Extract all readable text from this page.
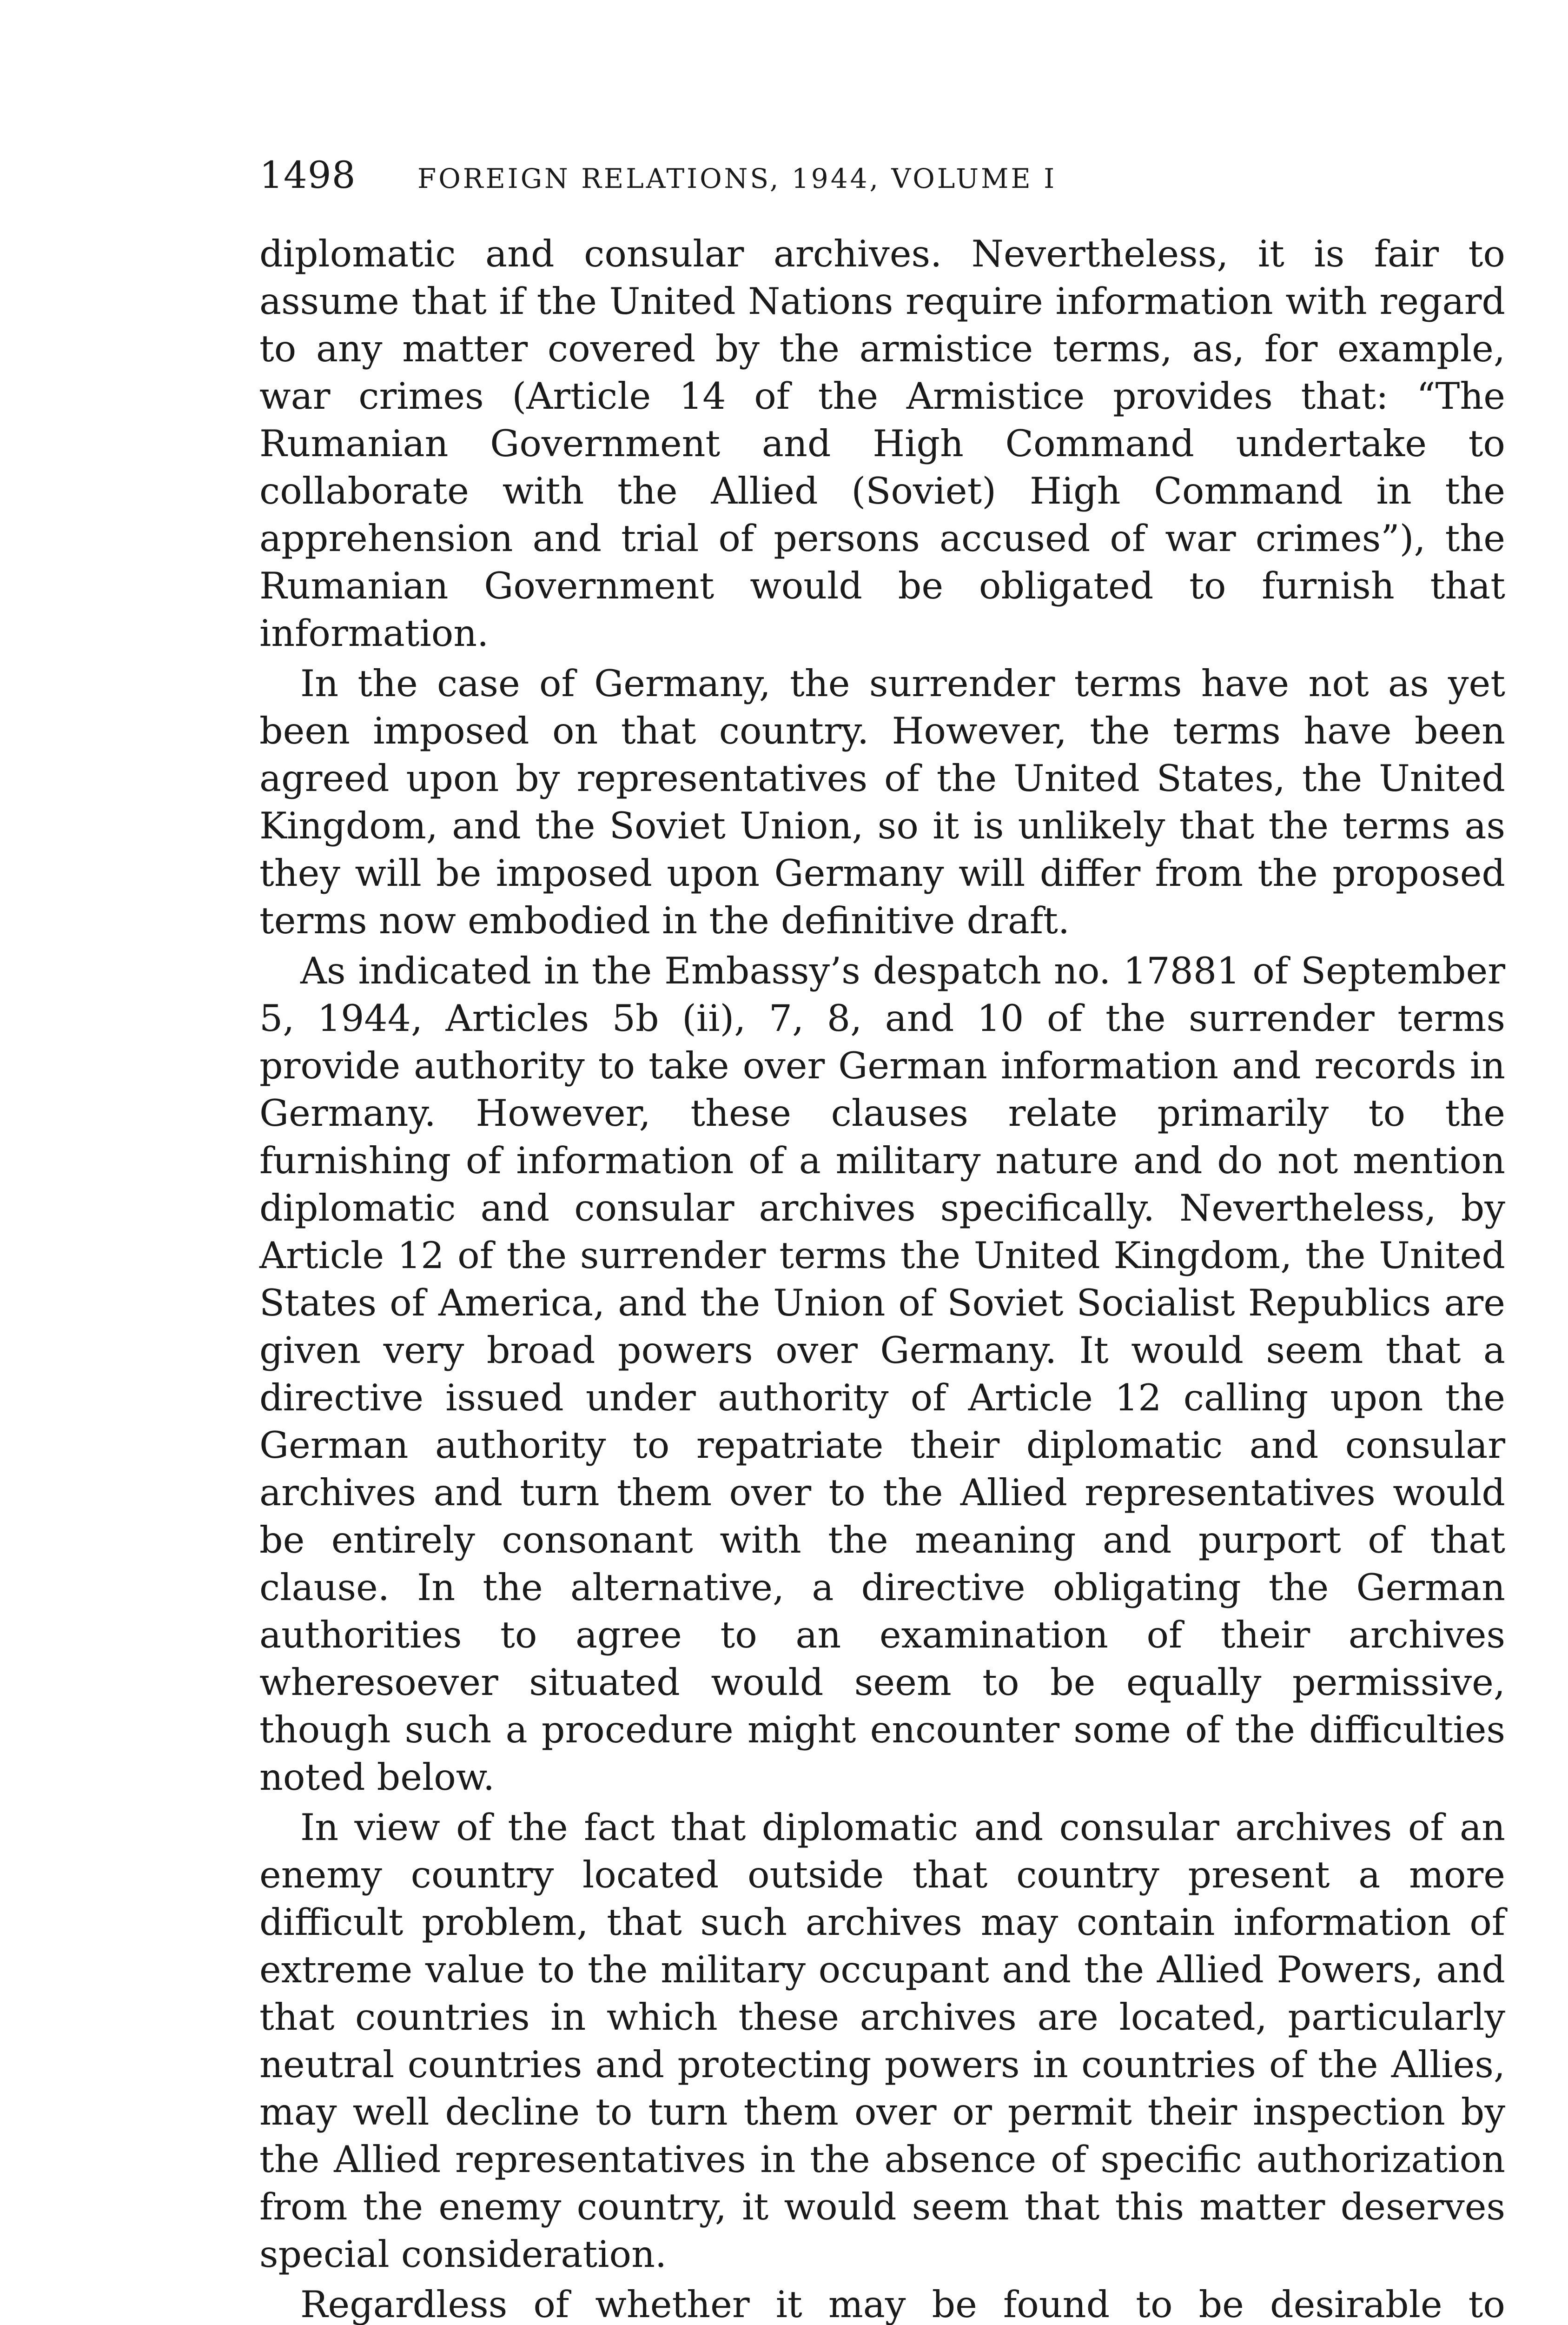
1498	FOREIGN RELATIONS, 1944, VOLUME I

diplomatic and consular archives. Nevertheless, it is fair to assume that if the United Nations require information with regard to any matter covered by the armistice terms, as, for example, war crimes (Article 14 of the Armistice provides that: “The Rumanian Government and High Command undertake to collaborate with the Allied (Soviet) High Command in the apprehension and trial of persons accused of war crimes”), the Rumanian Government would be obligated to furnish that information.

In the case of Germany, the surrender terms have not as yet been imposed on that country. However, the terms have been agreed upon by representatives of the United States, the United Kingdom, and the Soviet Union, so it is unlikely that the terms as they will be imposed upon Germany will differ from the proposed terms now embodied in the definitive draft.

As indicated in the Embassy’s despatch no. 17881 of September 5, 1944, Articles 5b (ii), 7, 8, and 10 of the surrender terms provide authority to take over German information and records in Germany. However, these clauses relate primarily to the furnishing of information of a military nature and do not mention diplomatic and consular archives specifically. Nevertheless, by Article 12 of the surrender terms the United Kingdom, the United States of America, and the Union of Soviet Socialist Republics are given very broad powers over Germany. It would seem that a directive issued under authority of Article 12 calling upon the German authority to repatriate their diplomatic and consular archives and turn them over to the Allied representatives would be entirely consonant with the meaning and purport of that clause. In the alternative, a directive obligating the German authorities to agree to an examination of their archives wheresoever situated would seem to be equally permissive, though such a procedure might encounter some of the difficulties noted below.

In view of the fact that diplomatic and consular archives of an enemy country located outside that country present a more difficult problem, that such archives may contain information of extreme value to the military occupant and the Allied Powers, and that countries in which these archives are located, particularly neutral countries and protecting powers in countries of the Allies, may well decline to turn them over or permit their inspection by the Allied representatives in the absence of specific authorization from the enemy country, it would seem that this matter deserves special consideration.

Regardless of whether it may be found to be desirable to
